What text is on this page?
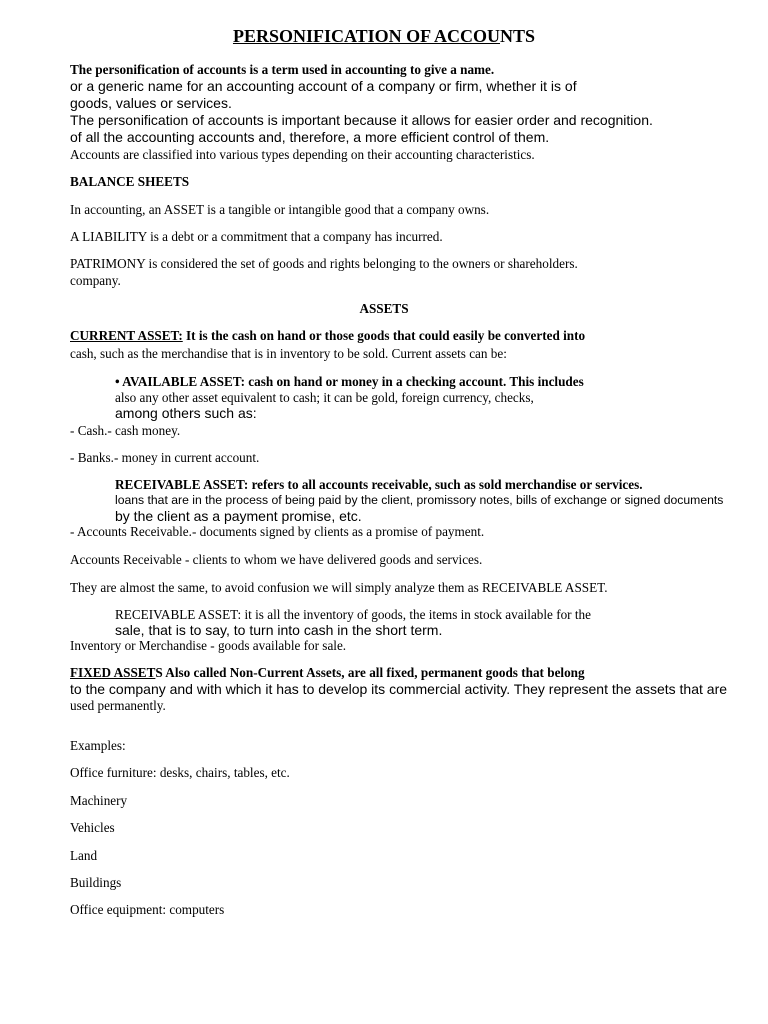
PERSONIFICATION OF ACCOUNTS
The personification of accounts is a term used in accounting to give a name.
or a generic name for an accounting account of a company or firm, whether it is of
goods, values or services.
The personification of accounts is important because it allows for easier order and recognition.
of all the accounting accounts and, therefore, a more efficient control of them.
Accounts are classified into various types depending on their accounting characteristics.
BALANCE SHEETS
In accounting, an ASSET is a tangible or intangible good that a company owns.
A LIABILITY is a debt or a commitment that a company has incurred.
PATRIMONY is considered the set of goods and rights belonging to the owners or shareholders.
company.
ASSETS
CURRENT ASSET: It is the cash on hand or those goods that could easily be converted into
cash, such as the merchandise that is in inventory to be sold. Current assets can be:
• AVAILABLE ASSET: cash on hand or money in a checking account. This includes
also any other asset equivalent to cash; it can be gold, foreign currency, checks,
among others such as:
- Cash.- cash money.
- Banks.- money in current account.
RECEIVABLE ASSET: refers to all accounts receivable, such as sold merchandise or services.
loans that are in the process of being paid by the client, promissory notes, bills of exchange or signed documents
by the client as a payment promise, etc.
- Accounts Receivable.- documents signed by clients as a promise of payment.
Accounts Receivable - clients to whom we have delivered goods and services.
They are almost the same, to avoid confusion we will simply analyze them as RECEIVABLE ASSET.
RECEIVABLE ASSET: it is all the inventory of goods, the items in stock available for the
sale, that is to say, to turn into cash in the short term.
Inventory or Merchandise - goods available for sale.
FIXED ASSETS Also called Non-Current Assets, are all fixed, permanent goods that belong
to the company and with which it has to develop its commercial activity. They represent the assets that are
used permanently.
Examples:
Office furniture: desks, chairs, tables, etc.
Machinery
Vehicles
Land
Buildings
Office equipment: computers
